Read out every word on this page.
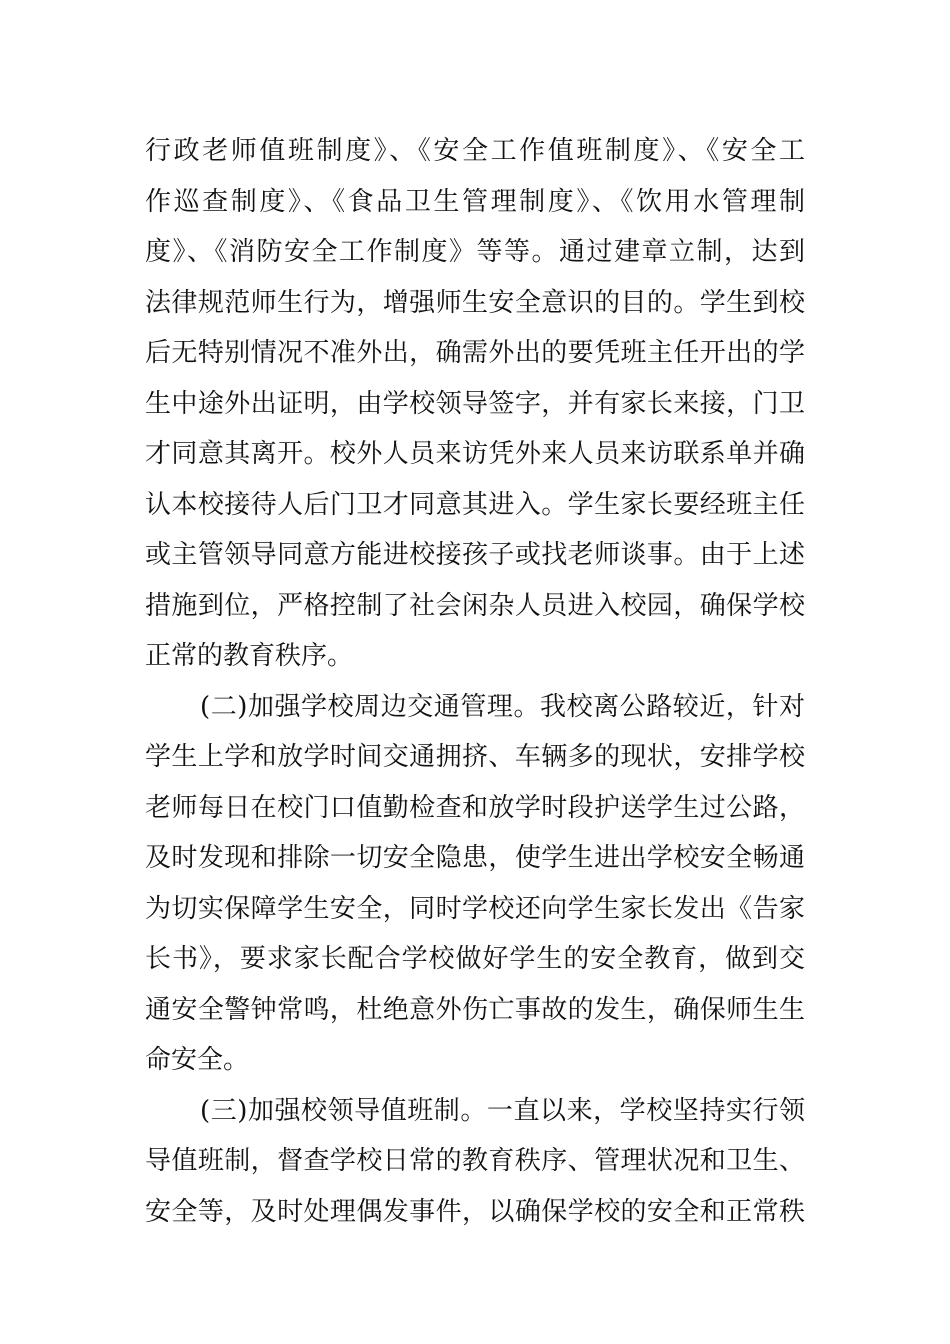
行政老师值班制度》、《安全工作值班制度》、《安全工
作巡查制度》、《食品卫生管理制度》、《饮用水管理制
度》、《消防安全工作制度》等等。通过建章立制，达到
法律规范师生行为，增强师生安全意识的目的。学生到校
后无特别情况不准外出，确需外出的要凭班主任开出的学
生中途外出证明，由学校领导签字，并有家长来接，门卫
才同意其离开。校外人员来访凭外来人员来访联系单并确
认本校接待人后门卫才同意其进入。学生家长要经班主任
或主管领导同意方能进校接孩子或找老师谈事。由于上述
措施到位，严格控制了社会闲杂人员进入校园，确保学校
正常的教育秩序。
(二)加强学校周边交通管理。我校离公路较近，针对
学生上学和放学时间交通拥挤、车辆多的现状，安排学校
老师每日在校门口值勤检查和放学时段护送学生过公路，
及时发现和排除一切安全隐患，使学生进出学校安全畅通
为切实保障学生安全，同时学校还向学生家长发出《告家
长书》，要求家长配合学校做好学生的安全教育，做到交
通安全警钟常鸣，杜绝意外伤亡事故的发生，确保师生生
命安全。
(三)加强校领导值班制。一直以来，学校坚持实行领
导值班制，督查学校日常的教育秩序、管理状况和卫生、
安全等，及时处理偶发事件，以确保学校的安全和正常秩
